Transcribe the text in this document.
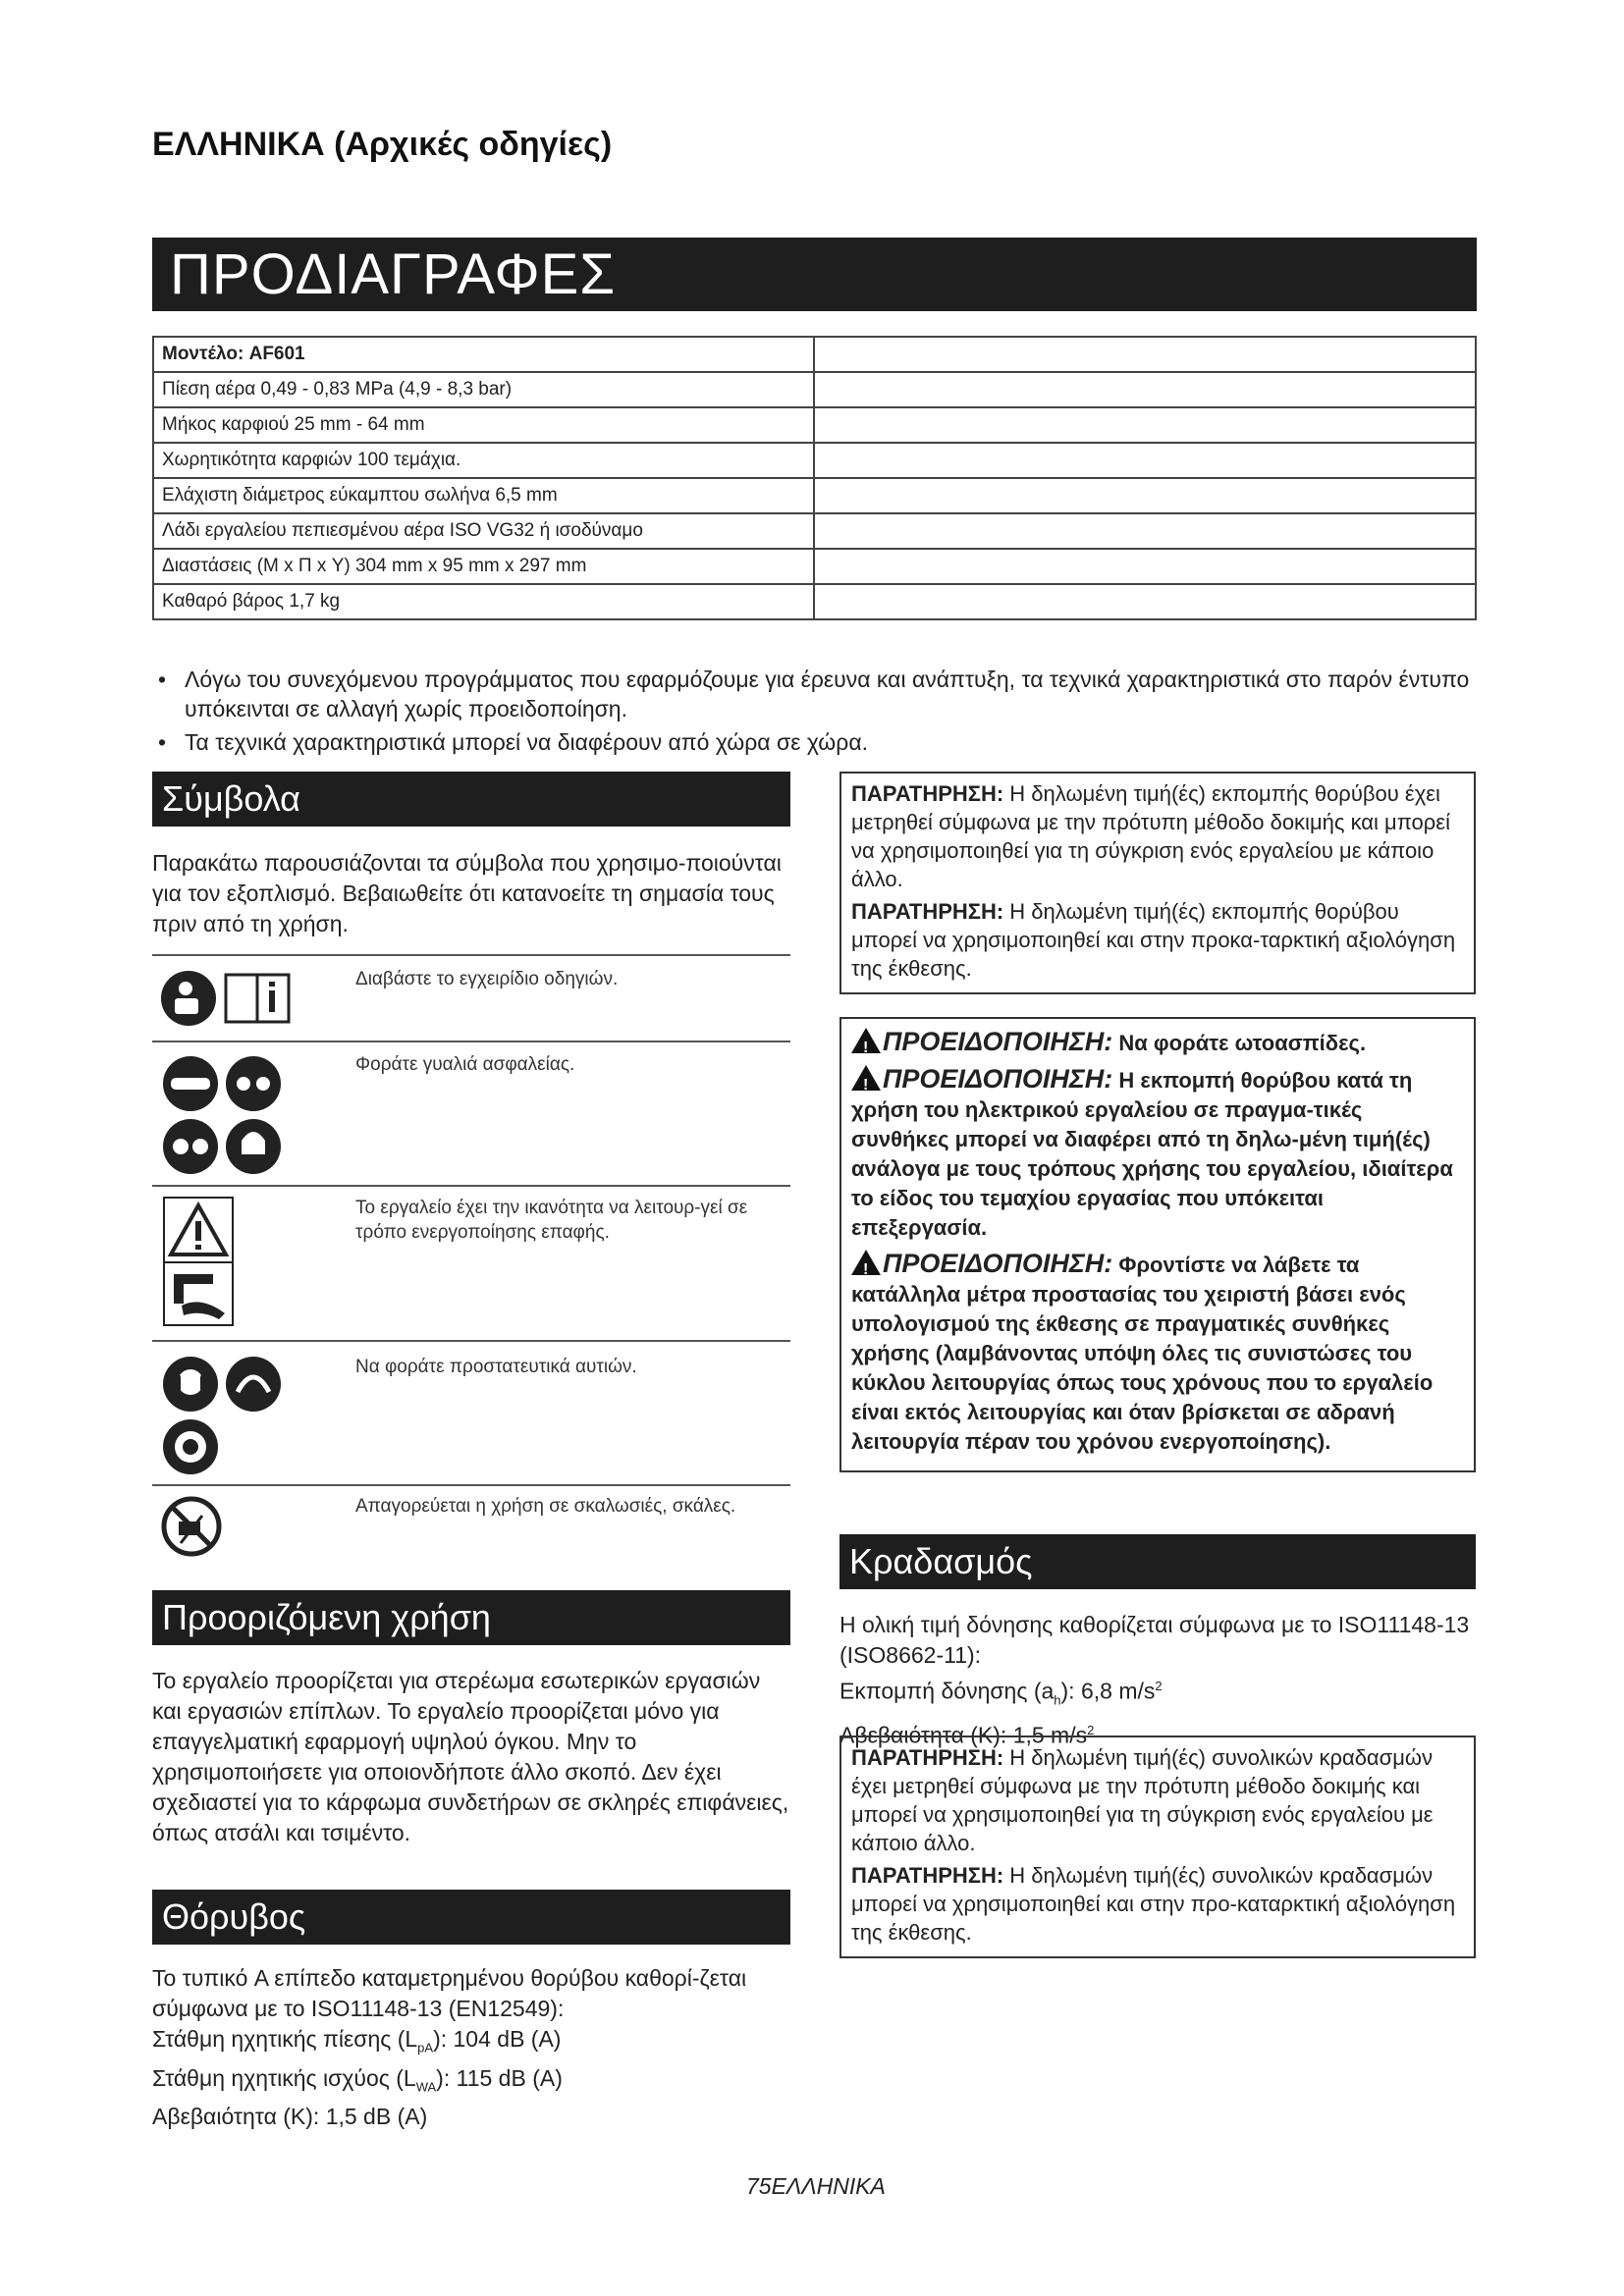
ΕΛΛΗΝΙΚΑ (Αρχικές οδηγίες)
ΠΡΟΔΙΑΓΡΑΦΕΣ
Μοντέλο: AF601	
Πίεση αέρα 0,49 - 0,83 MPa (4,9 - 8,3 bar)	
Μήκος καρφιού 25 mm - 64 mm	
Χωρητικότητα καρφιών 100 τεμάχια.	
Ελάχιστη διάμετρος εύκαμπτου σωλήνα 6,5 mm	
Λάδι εργαλείου πεπιεσμένου αέρα ISO VG32 ή ισοδύναμο	
Διαστάσεις (Μ x Π x Υ) 304 mm x 95 mm x 297 mm	
Καθαρό βάρος 1,7 kg	
• Λόγω του συνεχόμενου προγράμματος που εφαρμόζουμε για έρευνα και ανάπτυξη, τα τεχνικά χαρακτηριστικά στο παρόν έντυπο υπόκεινται σε αλλαγή χωρίς προειδοποίηση.
• Τα τεχνικά χαρακτηριστικά μπορεί να διαφέρουν από χώρα σε χώρα.
Σύμβολα
Παρακάτω παρουσιάζονται τα σύμβολα που χρησιμο-ποιούνται για τον εξοπλισμό. Βεβαιωθείτε ότι κατανοείτε τη σημασία τους πριν από τη χρήση.
Διαβάστε το εγχειρίδιο οδηγιών.
Φοράτε γυαλιά ασφαλείας.
Το εργαλείο έχει την ικανότητα να λειτουρ-γεί σε τρόπο ενεργοποίησης επαφής.
Να φοράτε προστατευτικά αυτιών.
Απαγορεύεται η χρήση σε σκαλωσιές, σκάλες.
Προοριζόμενη χρήση
Το εργαλείο προορίζεται για στερέωμα εσωτερικών εργασιών και εργασιών επίπλων. Το εργαλείο προορίζεται μόνο για επαγγελματική εφαρμογή υψηλού όγκου. Μην το χρησιμοποιήσετε για οποιονδήποτε άλλο σκοπό. Δεν έχει σχεδιαστεί για το κάρφωμα συνδετήρων σε σκληρές επιφάνειες, όπως ατσάλι και τσιμέντο.
Θόρυβος
Το τυπικό A επίπεδο καταμετρημένου θορύβου καθορί-ζεται σύμφωνα με το ISO11148-13 (EN12549):
Στάθμη ηχητικής πίεσης $(L_{pA})$: 104 dB (A)
Στάθμη ηχητικής ισχύος $(L_{WA})$: 115 dB (A)
Αβεβαιότητα (K): 1,5 dB (A)

ΠΑΡΑΤΗΡΗΣΗ: Η δηλωμένη τιμή(ές) εκπομπής θορύβου έχει μετρηθεί σύμφωνα με την πρότυπη μέθοδο δοκιμής και μπορεί να χρησιμοποιηθεί για τη σύγκριση ενός εργαλείου με κάποιο άλλο.

ΠΑΡΑΤΗΡΗΣΗ: Η δηλωμένη τιμή(ές) εκπομπής θορύβου μπορεί να χρησιμοποιηθεί και στην προκα-ταρκτική αξιολόγηση της έκθεσης.

!ΠΡΟΕΙΔΟΠΟΙΗΣΗ: Να φοράτε ωτοασπίδες.

!ΠΡΟΕΙΔΟΠΟΙΗΣΗ: Η εκπομπή θορύβου κατά τη χρήση του ηλεκτρικού εργαλείου σε πραγμα-τικές συνθήκες μπορεί να διαφέρει από τη δηλω-μένη τιμή(ές) ανάλογα με τους τρόπους χρήσης του εργαλείου, ιδιαίτερα το είδος του τεμαχίου εργασίας που υπόκειται επεξεργασία.

!ΠΡΟΕΙΔΟΠΟΙΗΣΗ: Φροντίστε να λάβετε τα κατάλληλα μέτρα προστασίας του χειριστή βάσει ενός υπολογισμού της έκθεσης σε πραγματικές συνθήκες χρήσης (λαμβάνοντας υπόψη όλες τις συνιστώσες του κύκλου λειτουργίας όπως τους χρόνους που το εργαλείο είναι εκτός λειτουργίας και όταν βρίσκεται σε αδρανή λειτουργία πέραν του χρόνου ενεργοποίησης).

Κραδασμός
Η ολική τιμή δόνησης καθορίζεται σύμφωνα με το ISO11148-13 (ISO8662-11):
Εκπομπή δόνησης $(a_h)$: 6,8 $m/s^2$
Αβεβαιότητα (K): 1,5 $m/s^2$

ΠΑΡΑΤΗΡΗΣΗ: Η δηλωμένη τιμή(ές) συνολικών κραδασμών έχει μετρηθεί σύμφωνα με την πρότυπη μέθοδο δοκιμής και μπορεί να χρησιμοποιηθεί για τη σύγκριση ενός εργαλείου με κάποιο άλλο.

ΠΑΡΑΤΗΡΗΣΗ: Η δηλωμένη τιμή(ές) συνολικών κραδασμών μπορεί να χρησιμοποιηθεί και στην προ-καταρκτική αξιολόγηση της έκθεσης.

75ΕΛΛΗΝΙΚΑ
